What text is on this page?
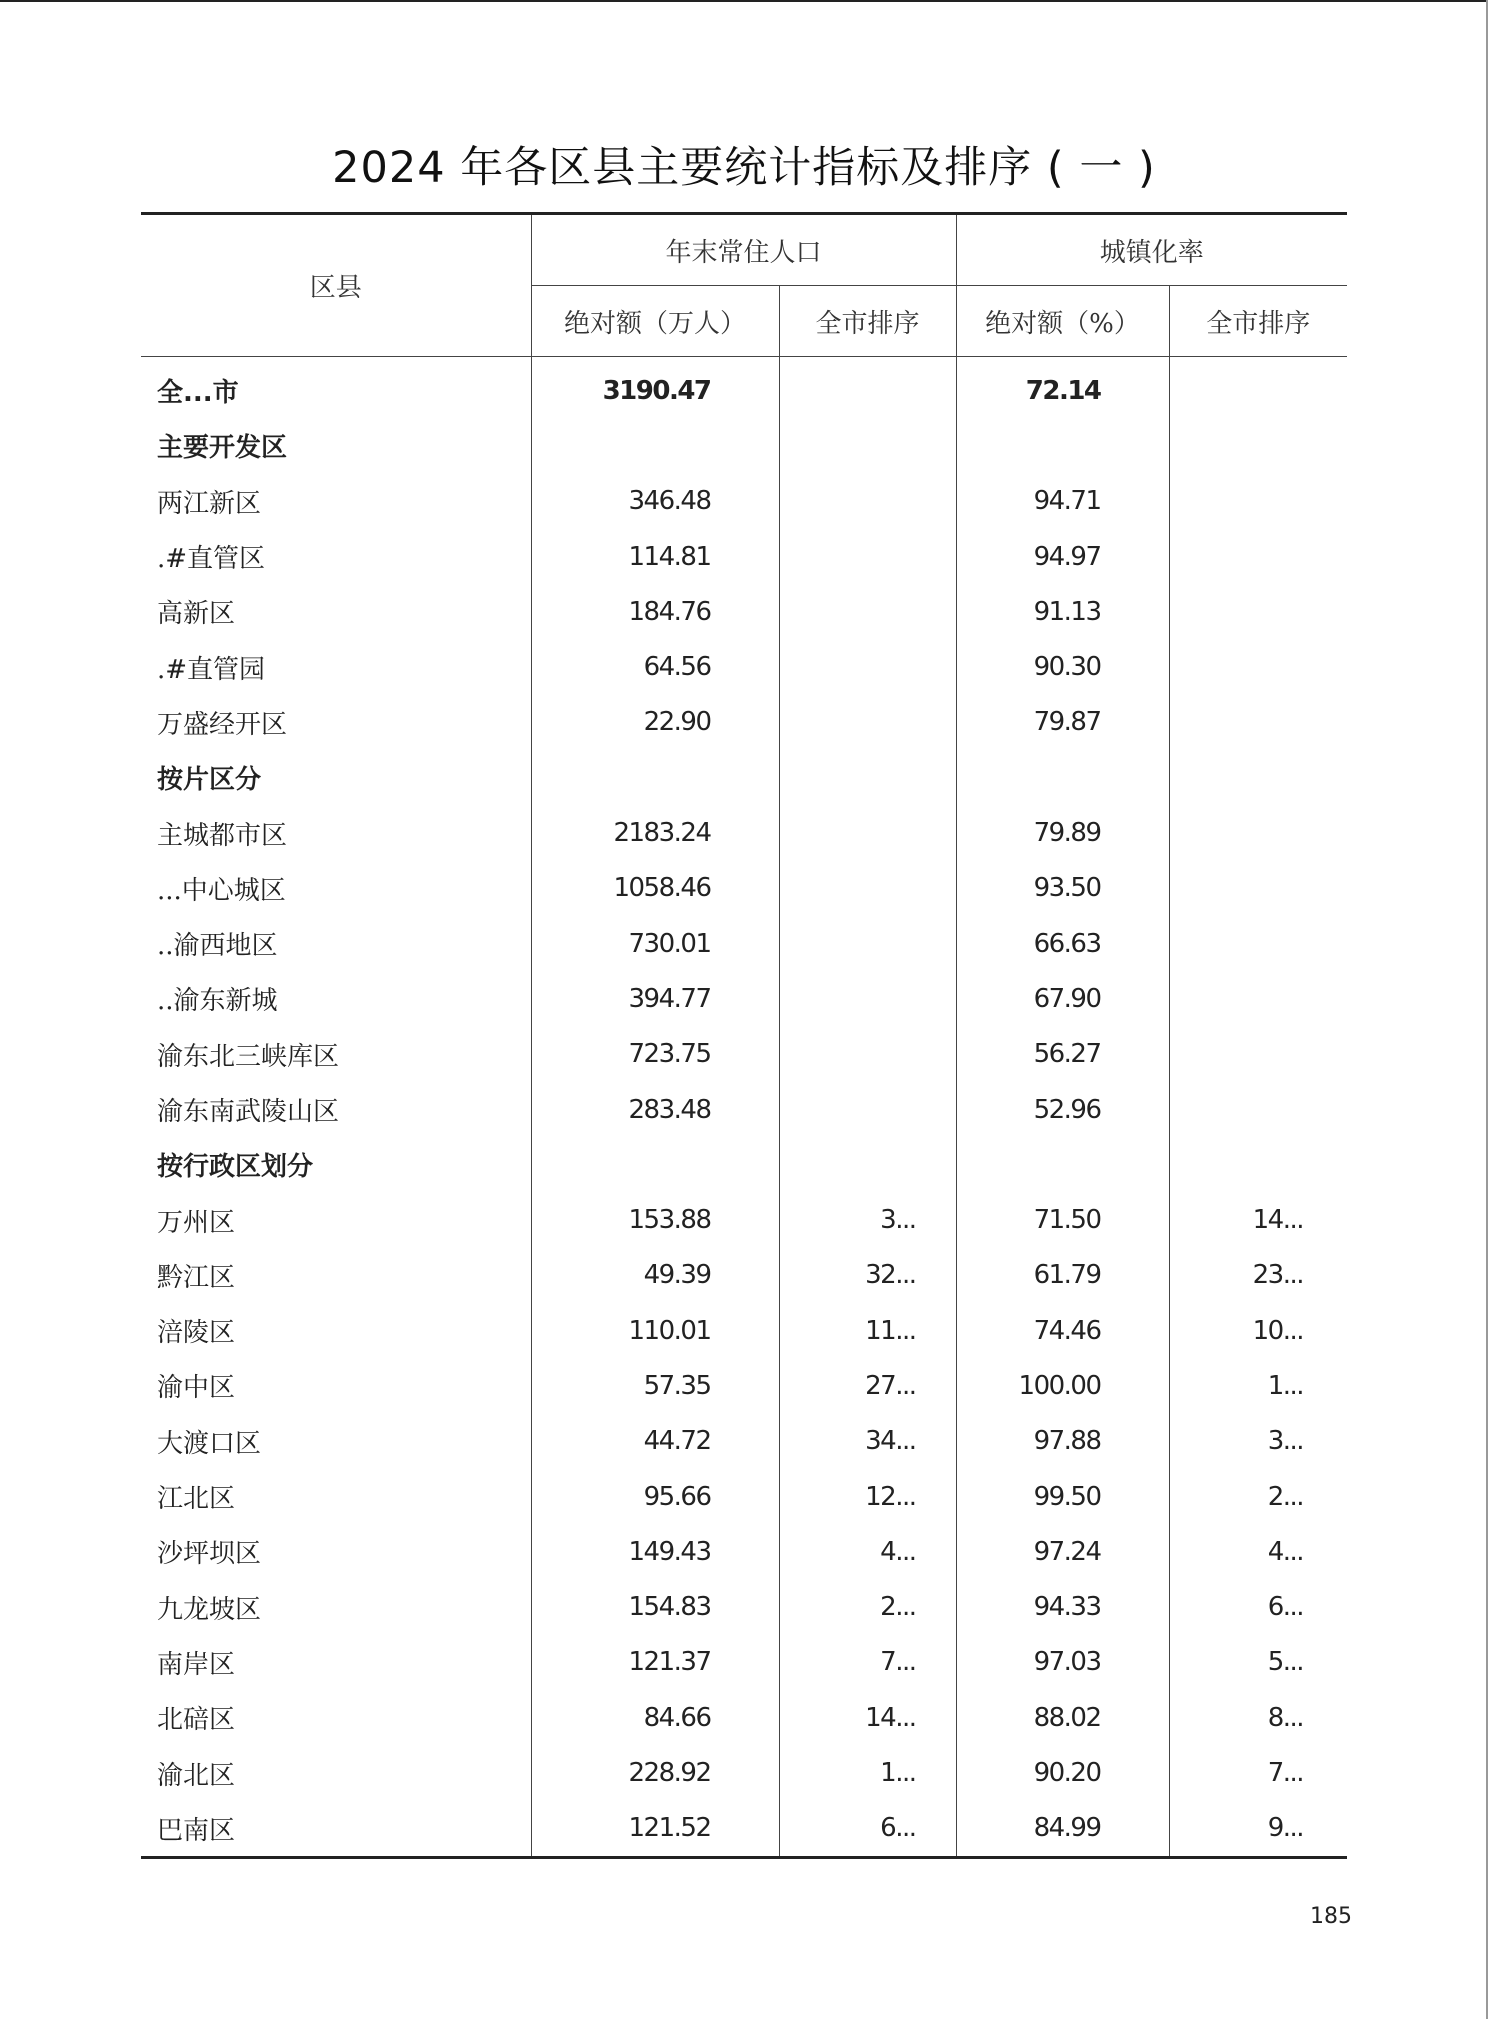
2024 年各区县主要统计指标及排序 ( 一 )
区县	年末常住人口		城镇化率	
	绝对额（万人）	全市排序	绝对额（%）	全市排序
全...市	3190.47		72.14	
主要开发区				
两江新区	346.48		94.71	
.#直管区	114.81		94.97	
高新区	184.76		91.13	
.#直管园	64.56		90.30	
万盛经开区	22.90		79.87	
按片区分				
主城都市区	2183.24		79.89	
...中心城区	1058.46		93.50	
..渝西地区	730.01		66.63	
..渝东新城	394.77		67.90	
渝东北三峡库区	723.75		56.27	
渝东南武陵山区	283.48		52.96	
按行政区划分				
万州区	153.88	3...	71.50	14...
黔江区	49.39	32...	61.79	23...
涪陵区	110.01	11...	74.46	10...
渝中区	57.35	27...	100.00	1...
大渡口区	44.72	34...	97.88	3...
江北区	95.66	12...	99.50	2...
沙坪坝区	149.43	4...	97.24	4...
九龙坡区	154.83	2...	94.33	6...
南岸区	121.37	7...	97.03	5...
北碚区	84.66	14...	88.02	8...
渝北区	228.92	1...	90.20	7...
巴南区	121.52	6...	84.99	9...
185
